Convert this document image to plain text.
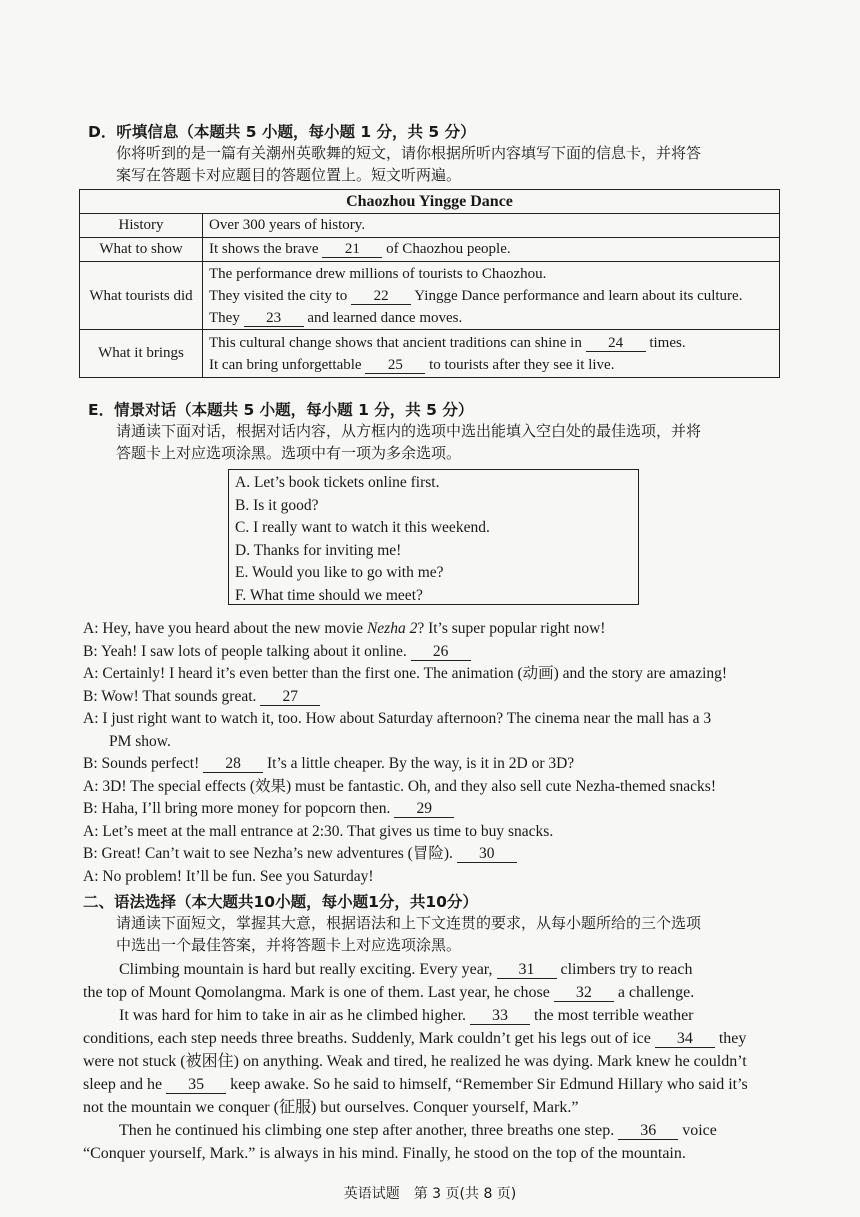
D．听填信息（本题共 5 小题，每小题 1 分，共 5 分）
你将听到的是一篇有关潮州英歌舞的短文，请你根据所听内容填写下面的信息卡，并将答
案写在答题卡对应题目的答题位置上。短文听两遍。
Chaozhou Yingge Dance	
History	Over 300 years of history.
What to show	It shows the brave 21 of Chaozhou people.
What tourists did	The performance drew millions of tourists to Chaozhou.
They visited the city to 22 Yingge Dance performance and learn about its culture.
They 23 and learned dance moves.

What it brings	This cultural change shows that ancient traditions can shine in 24 times.
It can bring unforgettable 25 to tourists after they see it live.
E．情景对话（本题共 5 小题，每小题 1 分，共 5 分）
请通读下面对话，根据对话内容，从方框内的选项中选出能填入空白处的最佳选项，并将
答题卡上对应选项涂黑。选项中有一项为多余选项。
A. Let’s book tickets online first.
B. Is it good?
C. I really want to watch it this weekend.
D. Thanks for inviting me!
E. Would you like to go with me?
F. What time should we meet?
A: Hey, have you heard about the new movie Nezha 2? It’s super popular right now!
B: Yeah! I saw lots of people talking about it online. 26
A: Certainly! I heard it’s even better than the first one. The animation (动画) and the story are amazing!
B: Wow! That sounds great. 27
A: I just right want to watch it, too. How about Saturday afternoon? The cinema near the mall has a 3
PM show.
B: Sounds perfect! 28 It’s a little cheaper. By the way, is it in 2D or 3D?
A: 3D! The special effects (效果) must be fantastic. Oh, and they also sell cute Nezha-themed snacks!
B: Haha, I’ll bring more money for popcorn then. 29
A: Let’s meet at the mall entrance at 2:30. That gives us time to buy snacks.
B: Great! Can’t wait to see Nezha’s new adventures (冒险). 30
A: No problem! It’ll be fun. See you Saturday!
二、语法选择（本大题共10小题，每小题1分，共10分）
请通读下面短文，掌握其大意，根据语法和上下文连贯的要求，从每小题所给的三个选项
中选出一个最佳答案，并将答题卡上对应选项涂黑。
Climbing mountain is hard but really exciting. Every year, 31 climbers try to reach
the top of Mount Qomolangma. Mark is one of them. Last year, he chose 32 a challenge.
It was hard for him to take in air as he climbed higher. 33 the most terrible weather
conditions, each step needs three breaths. Suddenly, Mark couldn’t get his legs out of ice 34 they
were not stuck (被困住) on anything. Weak and tired, he realized he was dying. Mark knew he couldn’t
sleep and he 35 keep awake. So he said to himself, “Remember Sir Edmund Hillary who said it’s
not the mountain we conquer (征服) but ourselves. Conquer yourself, Mark.”
Then he continued his climbing one step after another, three breaths one step. 36 voice
“Conquer yourself, Mark.” is always in his mind. Finally, he stood on the top of the mountain.
英语试题　第 3 页(共 8 页)
